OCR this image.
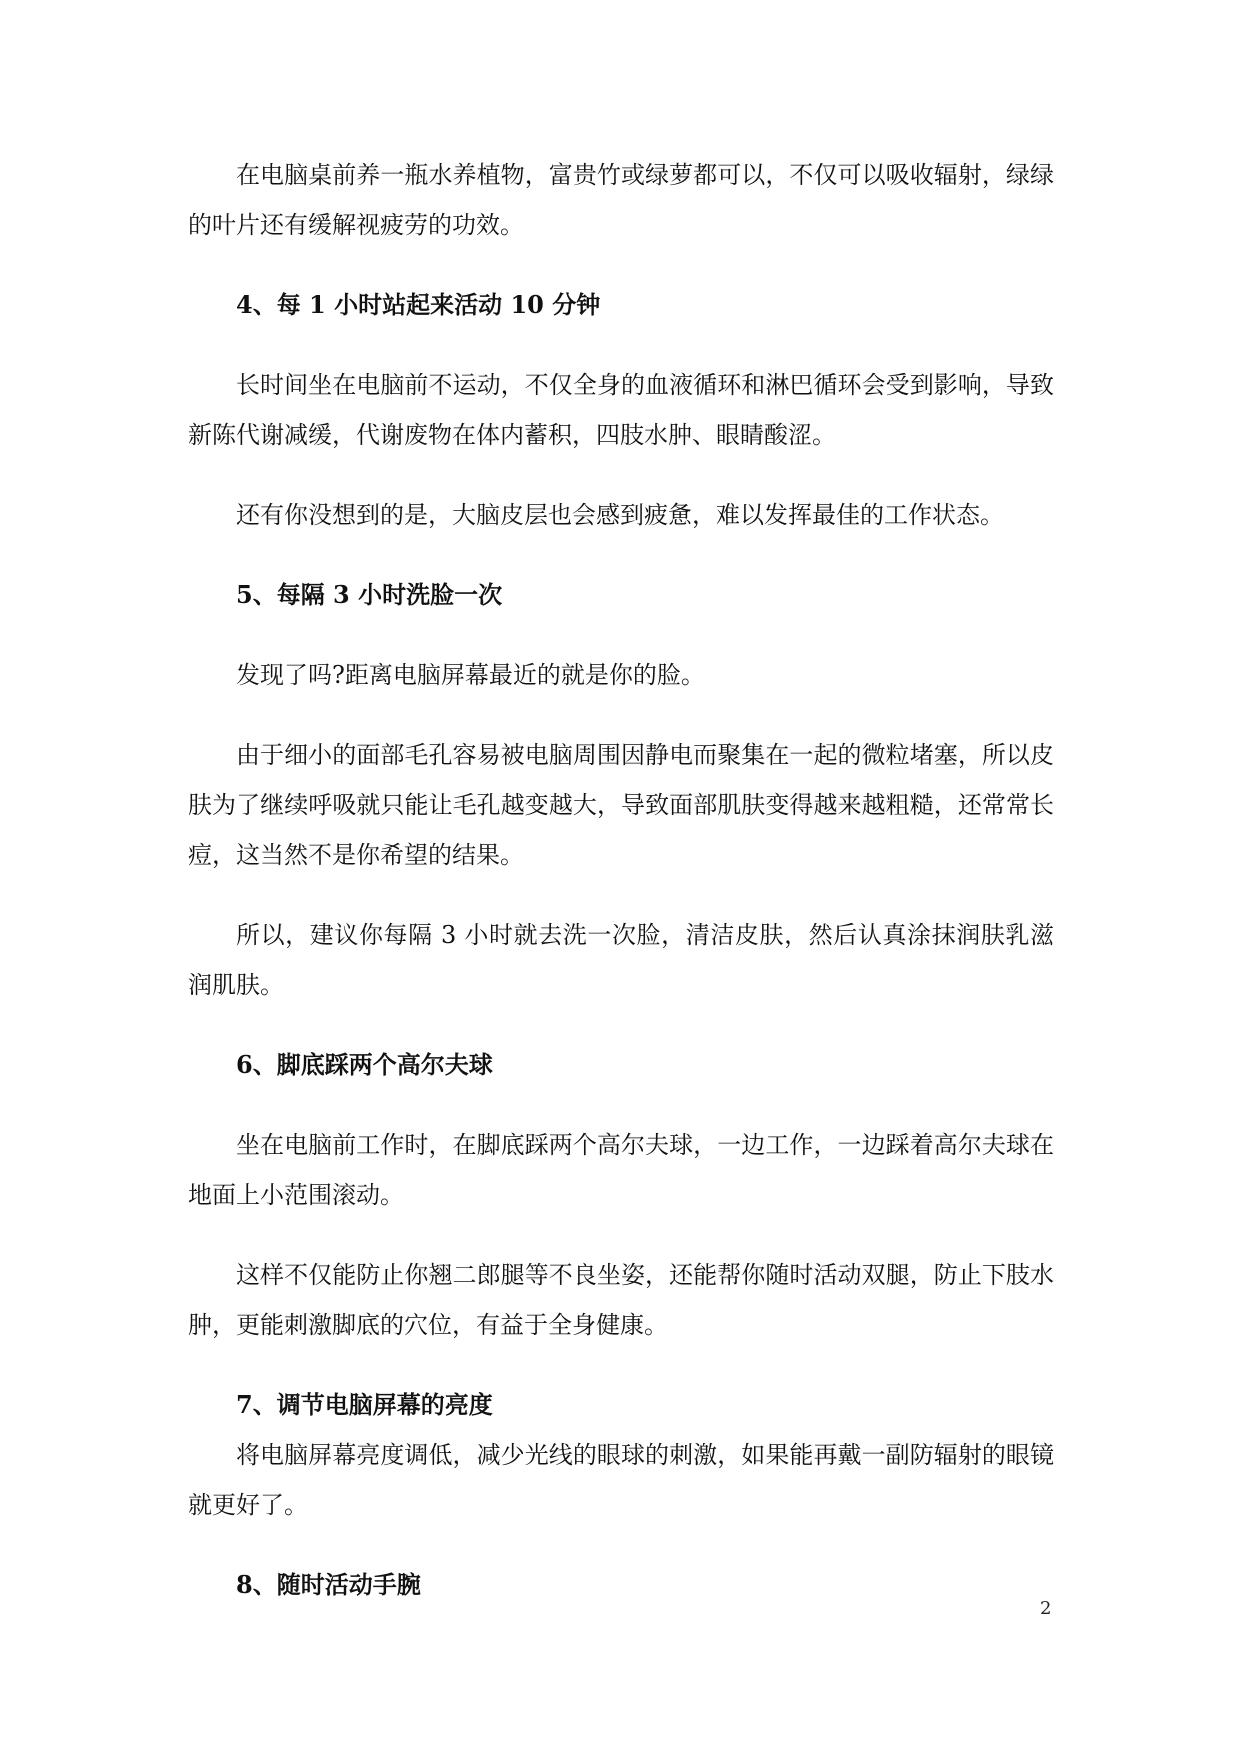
在电脑桌前养一瓶水养植物，富贵竹或绿萝都可以，不仅可以吸收辐射，绿绿的叶片还有缓解视疲劳的功效。

4、每 1 小时站起来活动 10 分钟

长时间坐在电脑前不运动，不仅全身的血液循环和淋巴循环会受到影响，导致新陈代谢减缓，代谢废物在体内蓄积，四肢水肿、眼睛酸涩。

还有你没想到的是，大脑皮层也会感到疲惫，难以发挥最佳的工作状态。

5、每隔 3 小时洗脸一次

发现了吗?距离电脑屏幕最近的就是你的脸。

由于细小的面部毛孔容易被电脑周围因静电而聚集在一起的微粒堵塞，所以皮肤为了继续呼吸就只能让毛孔越变越大，导致面部肌肤变得越来越粗糙，还常常长痘，这当然不是你希望的结果。

所以，建议你每隔 3 小时就去洗一次脸，清洁皮肤，然后认真涂抹润肤乳滋润肌肤。

6、脚底踩两个高尔夫球

坐在电脑前工作时，在脚底踩两个高尔夫球，一边工作，一边踩着高尔夫球在地面上小范围滚动。

这样不仅能防止你翘二郎腿等不良坐姿，还能帮你随时活动双腿，防止下肢水肿，更能刺激脚底的穴位，有益于全身健康。

7、调节电脑屏幕的亮度

将电脑屏幕亮度调低，减少光线的眼球的刺激，如果能再戴一副防辐射的眼镜就更好了。

8、随时活动手腕

2
